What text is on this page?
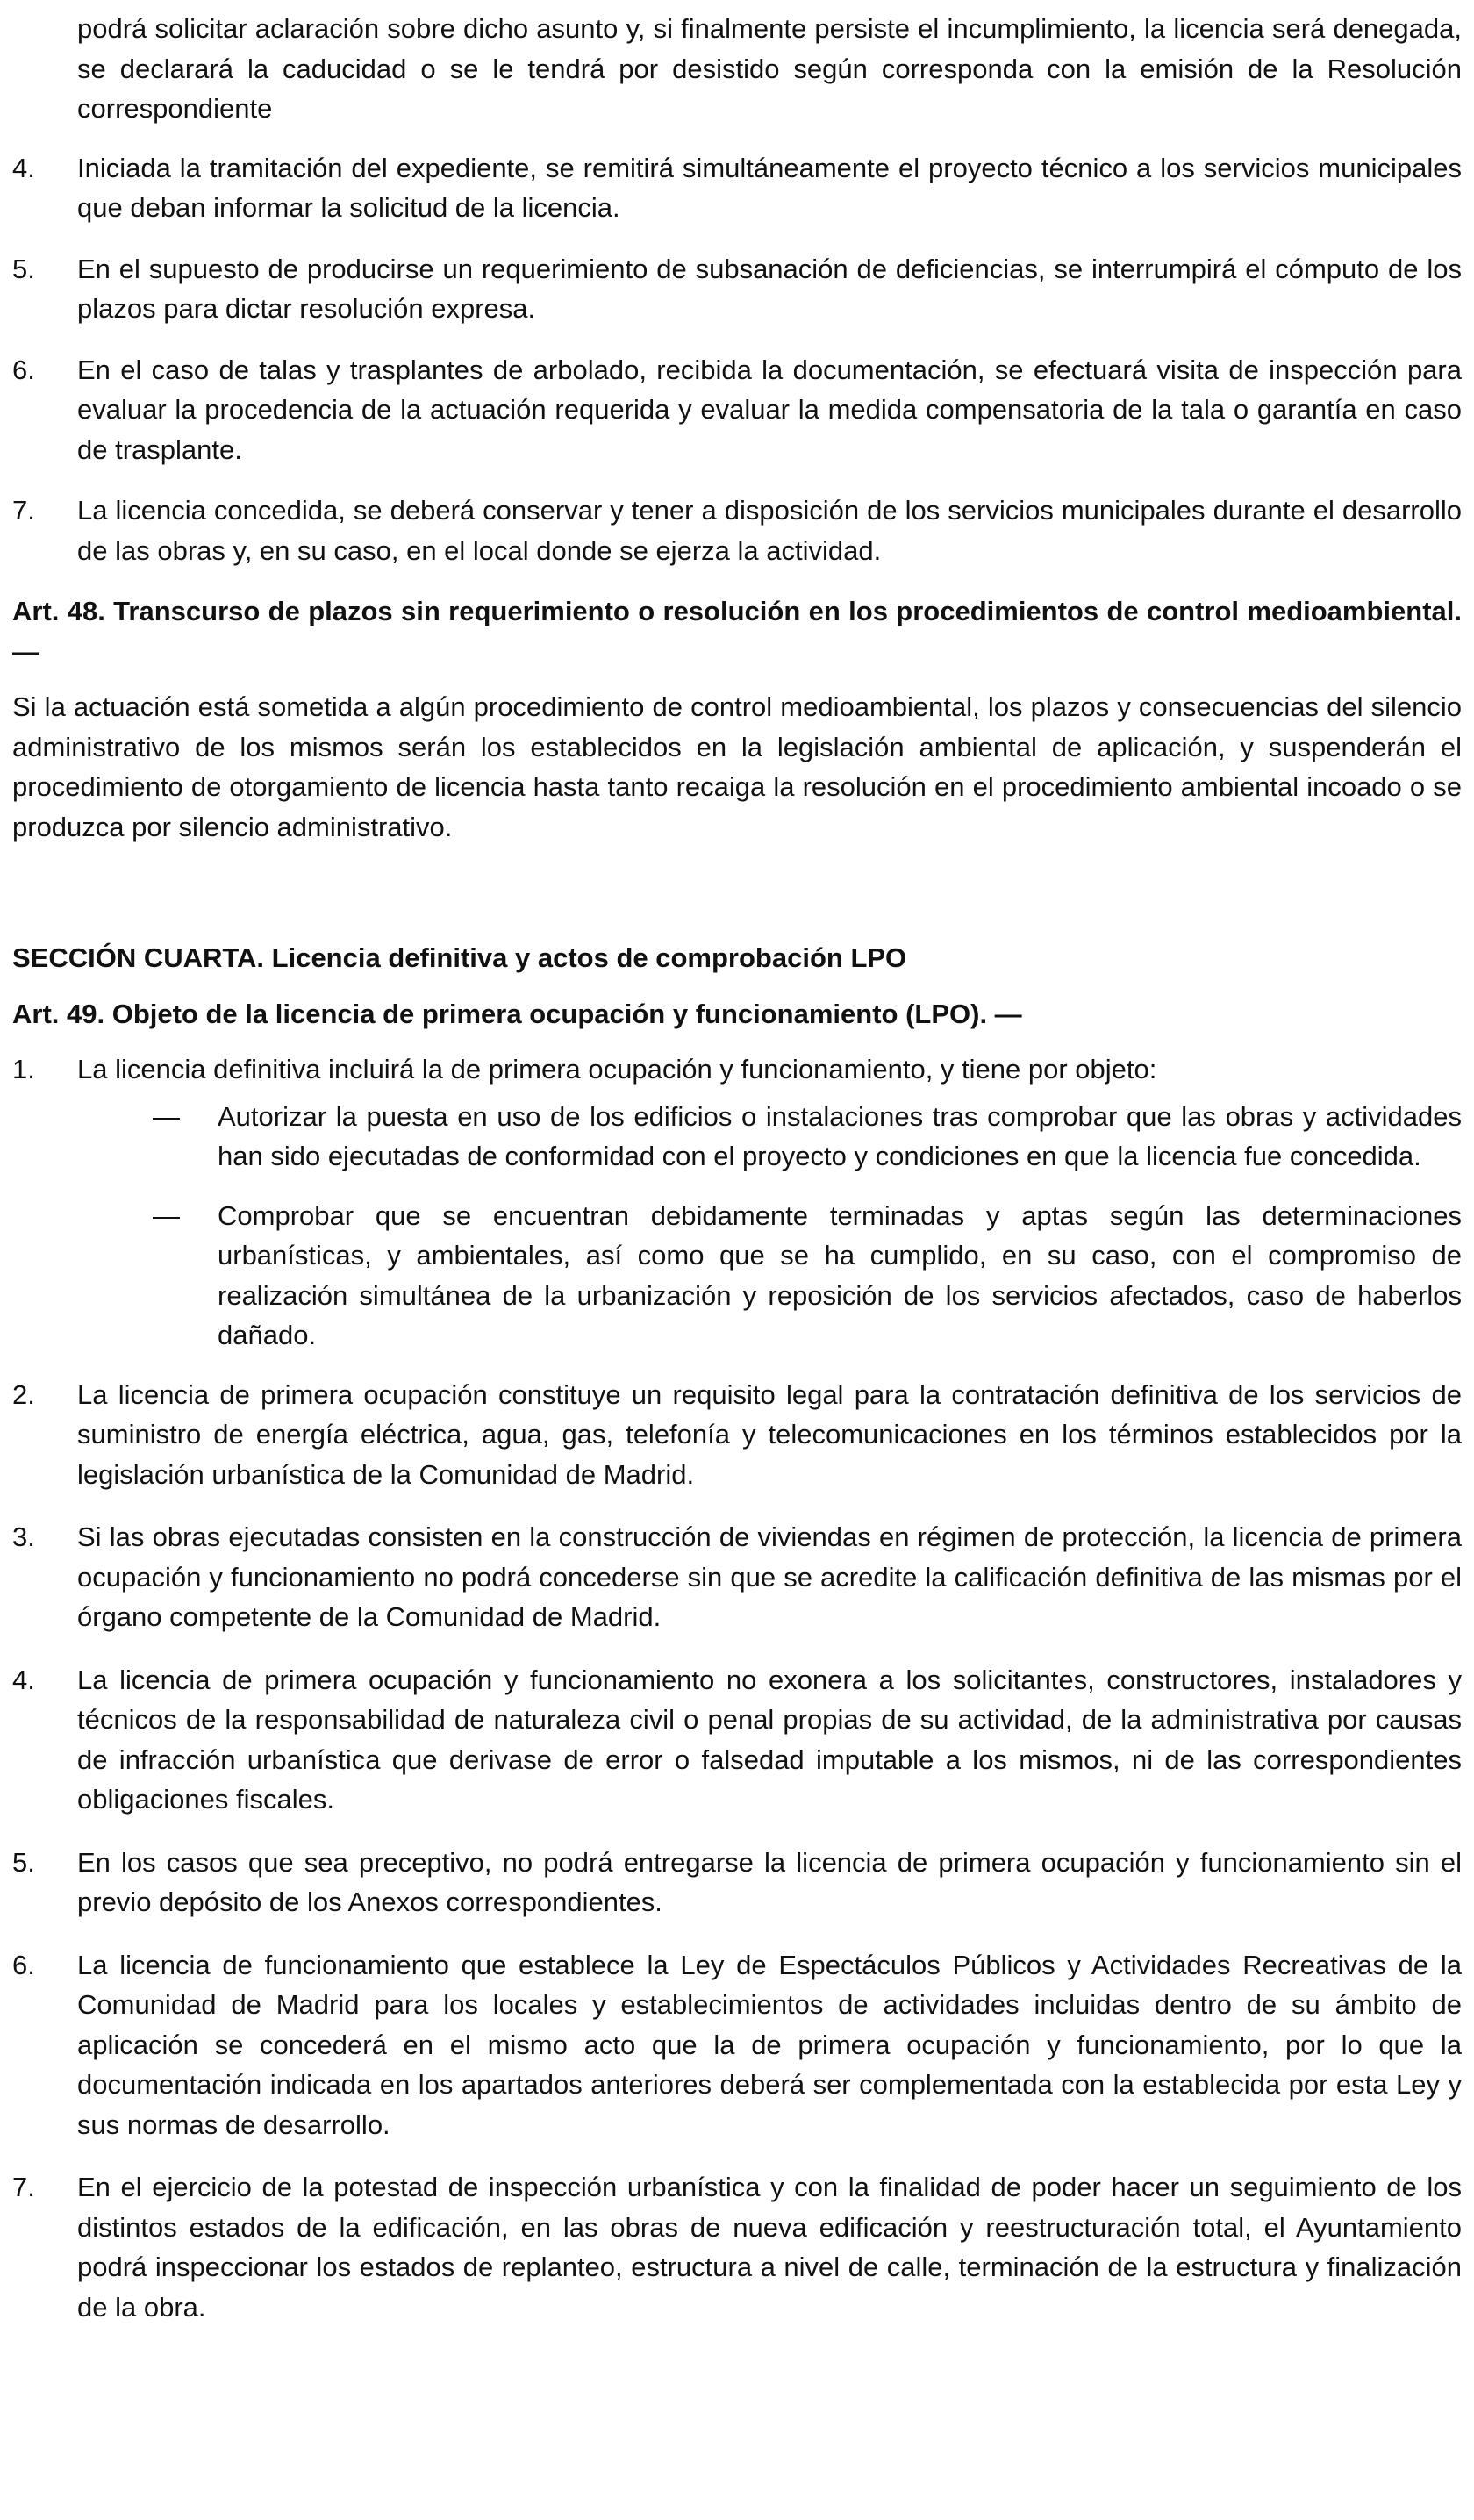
podrá solicitar aclaración sobre dicho asunto y, si finalmente persiste el incumplimiento, la licencia será denegada, se declarará la caducidad o se le tendrá por desistido según corresponda con la emisión de la Resolución correspondiente

4.	Iniciada la tramitación del expediente, se remitirá simultáneamente el proyecto técnico a los servicios municipales que deban informar la solicitud de la licencia.
5.	En el supuesto de producirse un requerimiento de subsanación de deficiencias, se interrumpirá el cómputo de los plazos para dictar resolución expresa.
6.	En el caso de talas y trasplantes de arbolado, recibida la documentación, se efectuará visita de inspección para evaluar la procedencia de la actuación requerida y evaluar la medida compensatoria de la tala o garantía en caso de trasplante.
7.	La licencia concedida, se deberá conservar y tener a disposición de los servicios municipales durante el desarrollo de las obras y, en su caso, en el local donde se ejerza la actividad.

Art. 48. Transcurso de plazos sin requerimiento o resolución en los procedimientos de control medioambiental. —

Si la actuación está sometida a algún procedimiento de control medioambiental, los plazos y consecuencias del silencio administrativo de los mismos serán los establecidos en la legislación ambiental de aplicación, y suspenderán el procedimiento de otorgamiento de licencia hasta tanto recaiga la resolución en el procedimiento ambiental incoado o se produzca por silencio administrativo.

SECCIÓN CUARTA. Licencia definitiva y actos de comprobación LPO

Art. 49. Objeto de la licencia de primera ocupación y funcionamiento (LPO). —

1.	La licencia definitiva incluirá la de primera ocupación y funcionamiento, y tiene por objeto:
—	Autorizar la puesta en uso de los edificios o instalaciones tras comprobar que las obras y actividades han sido ejecutadas de conformidad con el proyecto y condiciones en que la licencia fue concedida.
—	Comprobar que se encuentran debidamente terminadas y aptas según las determinaciones urbanísticas, y ambientales, así como que se ha cumplido, en su caso, con el compromiso de realización simultánea de la urbanización y reposición de los servicios afectados, caso de haberlos dañado.
2.	La licencia de primera ocupación constituye un requisito legal para la contratación definitiva de los servicios de suministro de energía eléctrica, agua, gas, telefonía y telecomunicaciones en los términos establecidos por la legislación urbanística de la Comunidad de Madrid.
3.	Si las obras ejecutadas consisten en la construcción de viviendas en régimen de protección, la licencia de primera ocupación y funcionamiento no podrá concederse sin que se acredite la calificación definitiva de las mismas por el órgano competente de la Comunidad de Madrid.
4.	La licencia de primera ocupación y funcionamiento no exonera a los solicitantes, constructores, instaladores y técnicos de la responsabilidad de naturaleza civil o penal propias de su actividad, de la administrativa por causas de infracción urbanística que derivase de error o falsedad imputable a los mismos, ni de las correspondientes obligaciones fiscales.
5.	En los casos que sea preceptivo, no podrá entregarse la licencia de primera ocupación y funcionamiento sin el previo depósito de los Anexos correspondientes.
6.	La licencia de funcionamiento que establece la Ley de Espectáculos Públicos y Actividades Recreativas de la Comunidad de Madrid para los locales y establecimientos de actividades incluidas dentro de su ámbito de aplicación se concederá en el mismo acto que la de primera ocupación y funcionamiento, por lo que la documentación indicada en los apartados anteriores deberá ser complementada con la establecida por esta Ley y sus normas de desarrollo.
7.	En el ejercicio de la potestad de inspección urbanística y con la finalidad de poder hacer un seguimiento de los distintos estados de la edificación, en las obras de nueva edificación y reestructuración total, el Ayuntamiento podrá inspeccionar los estados de replanteo, estructura a nivel de calle, terminación de la estructura y finalización de la obra.
